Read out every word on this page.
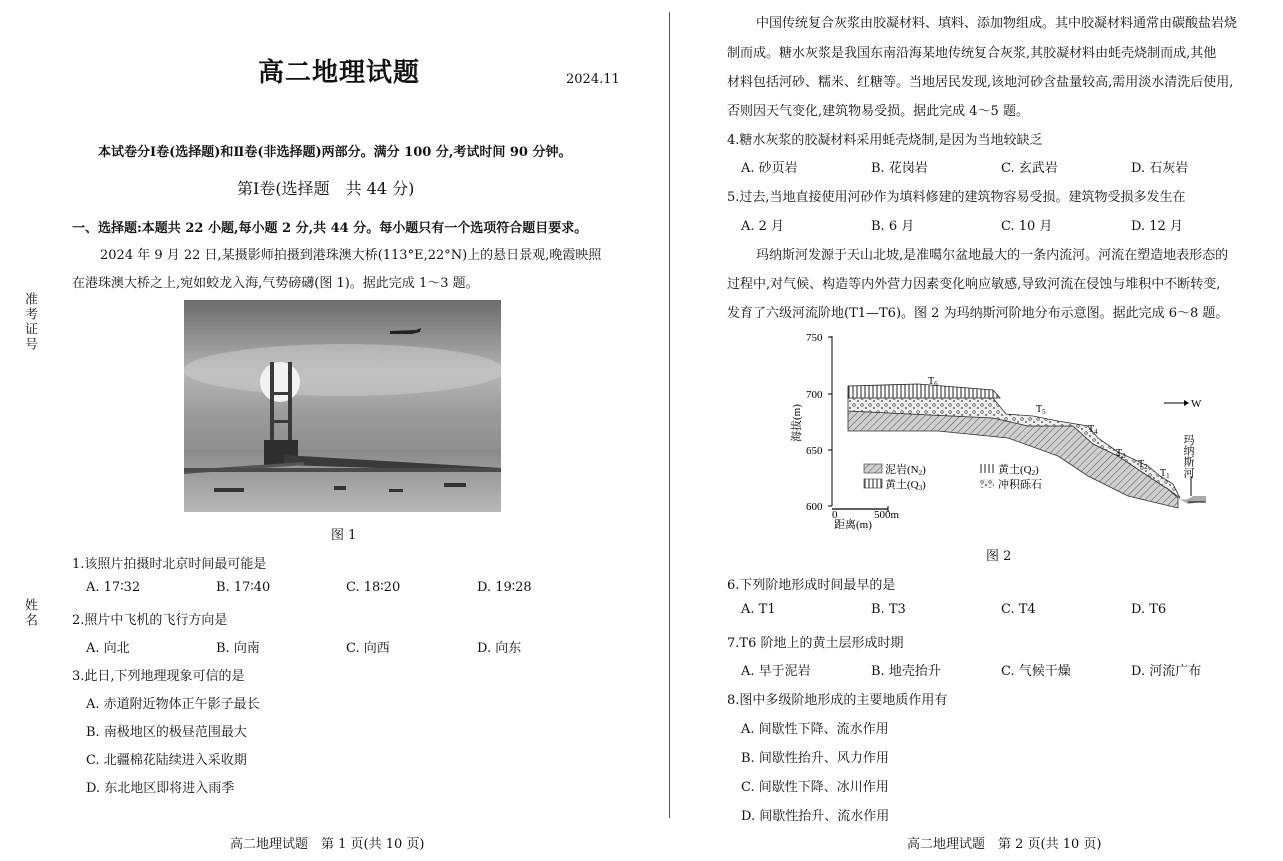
准考证号
姓名
高二地理试题	2024.11
本试卷分Ⅰ卷(选择题)和Ⅱ卷(非选择题)两部分。满分 100 分,考试时间 90 分钟。
第Ⅰ卷(选择题　共 44 分)
一、选择题:本题共 22 小题,每小题 2 分,共 44 分。每小题只有一个选项符合题目要求。
2024 年 9 月 22 日,某摄影师拍摄到港珠澳大桥(113°E,22°N)上的悬日景观,晚霞映照
在港珠澳大桥之上,宛如蛟龙入海,气势磅礴(图 1)。据此完成 1～3 题。
图 1
1.该照片拍摄时北京时间最可能是
A. 17∶32	B. 17∶40	C. 18∶20	D. 19∶28
2.照片中飞机的飞行方向是
A. 向北	B. 向南	C. 向西	D. 向东
3.此日,下列地理现象可信的是
A. 赤道附近物体正午影子最长
B. 南极地区的极昼范围最大
C. 北疆棉花陆续进入采收期
D. 东北地区即将进入雨季
高二地理试题　第 1 页(共 10 页)
中国传统复合灰浆由胶凝材料、填料、添加物组成。其中胶凝材料通常由碳酸盐岩烧
制而成。糖水灰浆是我国东南沿海某地传统复合灰浆,其胶凝材料由蚝壳烧制而成,其他
材料包括河砂、糯米、红糖等。当地居民发现,该地河砂含盐量较高,需用淡水清洗后使用,
否则因天气变化,建筑物易受损。据此完成 4～5 题。
4.糖水灰浆的胶凝材料采用蚝壳烧制,是因为当地较缺乏
A. 砂页岩	B. 花岗岩	C. 玄武岩	D. 石灰岩
5.过去,当地直接使用河砂作为填料修建的建筑物容易受损。建筑物受损多发生在
A. 2 月	B. 6 月	C. 10 月	D. 12 月
玛纳斯河发源于天山北坡,是准噶尔盆地最大的一条内流河。河流在塑造地表形态的
过程中,对气候、构造等内外营力因素变化响应敏感,导致河流在侵蚀与堆积中不断转变,
发育了六级河流阶地(T1—T6)。图 2 为玛纳斯河阶地分布示意图。据此完成 6～8 题。
750
700
650
600
海拔(m)
0	500m
距离(m)
$T_6$
$T_5$
$T_4$
$T_3$
$T_2$
$T_1$
W
玛纳斯河
泥岩(N2)
黄土(Q3)
黄土(Q2)
冲积砾石
图 2
6.下列阶地形成时间最早的是
A. T1	B. T3	C. T4	D. T6
7.T6 阶地上的黄土层形成时期
A. 早于泥岩	B. 地壳抬升	C. 气候干燥	D. 河流广布
8.图中多级阶地形成的主要地质作用有
A. 间歇性下降、流水作用
B. 间歇性抬升、风力作用
C. 间歇性下降、冰川作用
D. 间歇性抬升、流水作用
高二地理试题　第 2 页(共 10 页)
